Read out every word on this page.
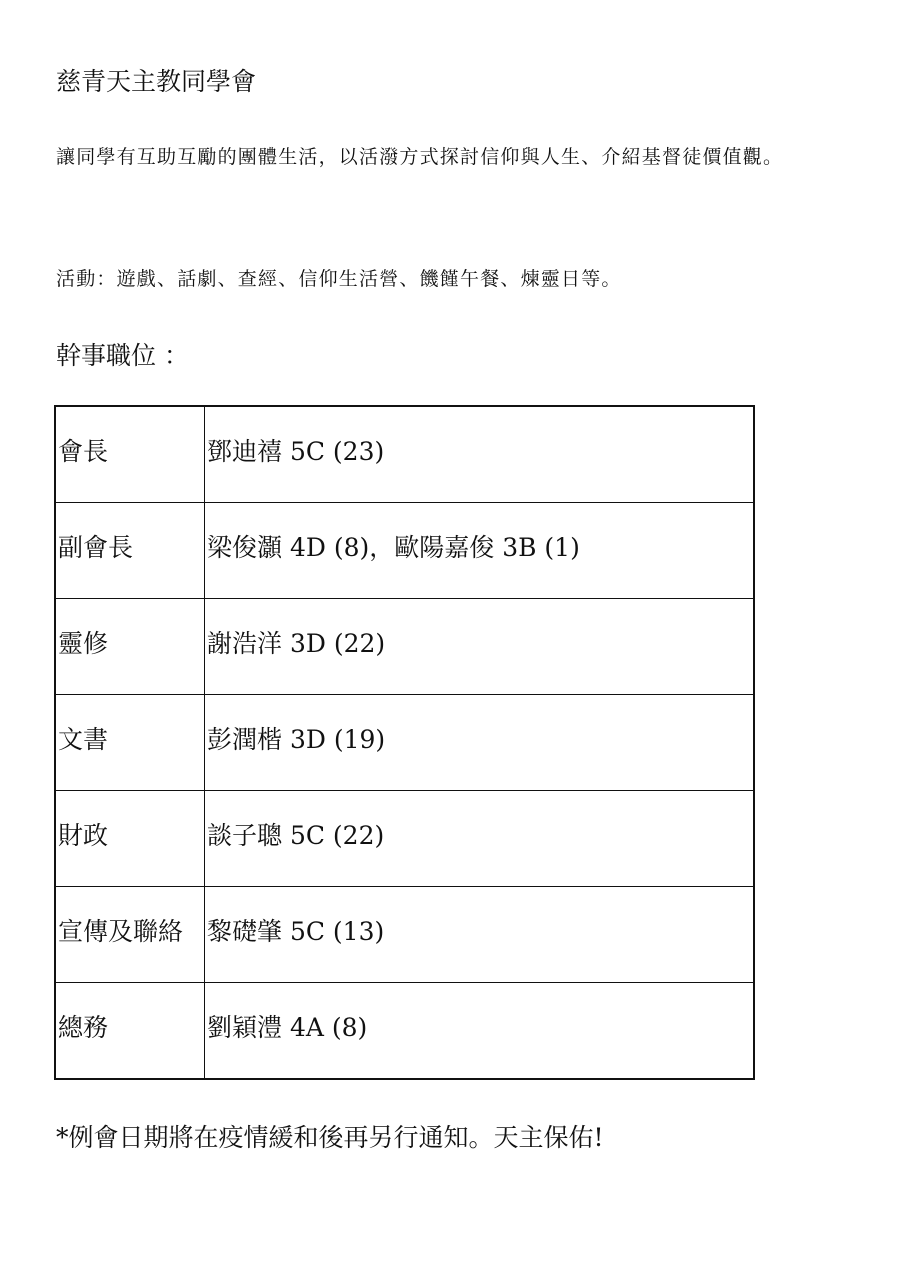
慈青天主教同學會
讓同學有互助互勵的團體生活，以活潑方式探討信仰與人生、介紹基督徒價值觀。
活動：遊戲、話劇、查經、信仰生活營、饑饉午餐、煉靈日等。
幹事職位 ：
會長	鄧迪禧 5C (23)
副會長	梁俊灝 4D (8)，歐陽嘉俊 3B (1)
靈修	謝浩洋 3D (22)
文書	彭潤楷 3D (19)
財政	談子聰 5C (22)
宣傳及聯絡	黎礎肇 5C (13)
總務	劉穎澧 4A (8)
*例會日期將在疫情緩和後再另行通知。天主保佑!
